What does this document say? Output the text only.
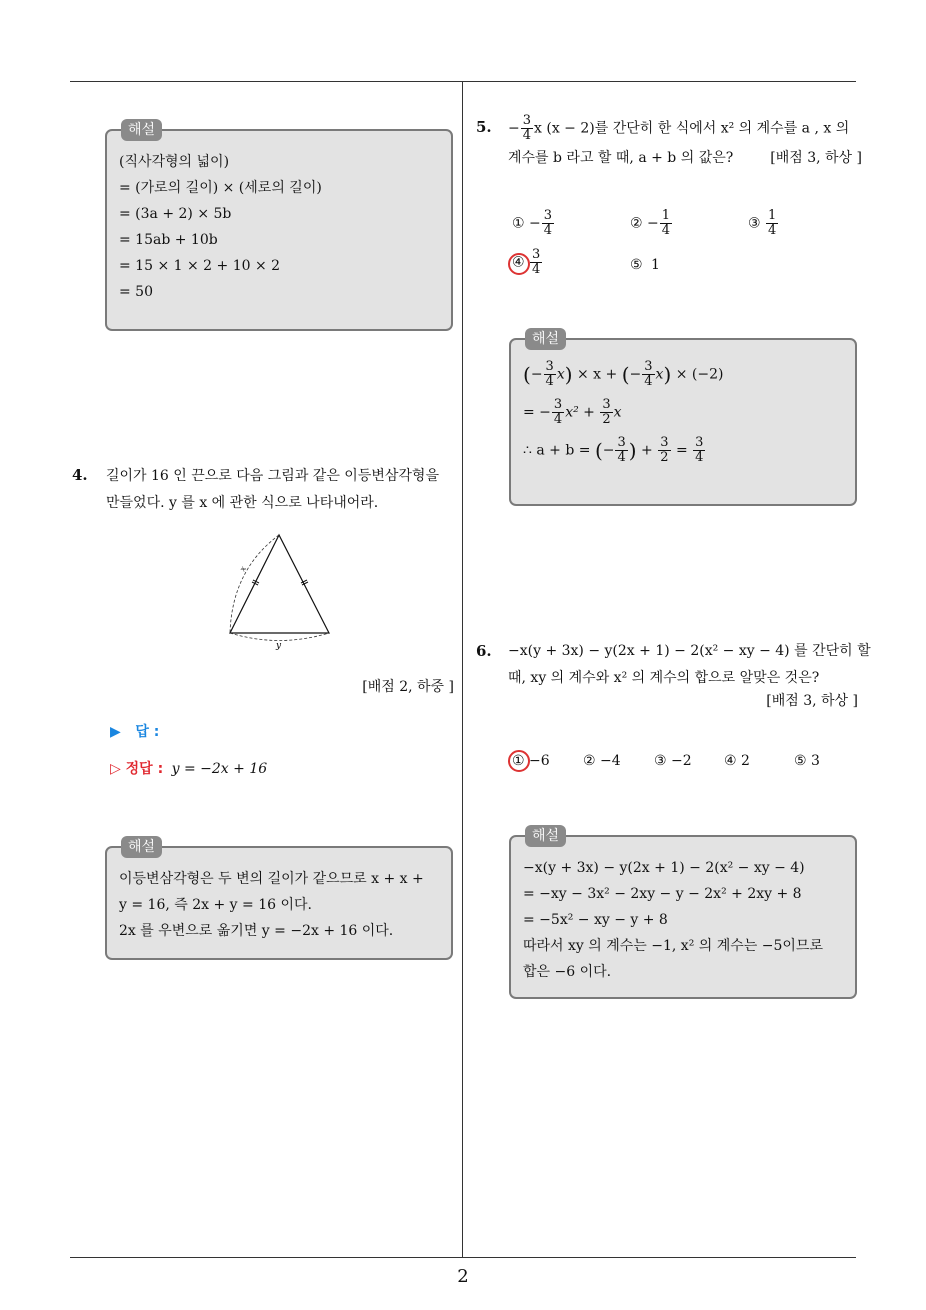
해설
(직사각형의 넓이)
= (가로의 길이) × (세로의 길이)
= (3a + 2) × 5b
= 15ab + 10b
= 15 × 1 × 2 + 10 × 2
= 50
4. 길이가 16 인 끈으로 다음 그림과 같은 이등변삼각형을
만들었다. y 를 x 에 관한 식으로 나타내어라.
x
y
[배점 2, 하중 ]
▶   답 :
▷ 정답 : y = −2x + 16
해설
이등변삼각형은 두 변의 길이가 같으므로 x + x +
y = 16, 즉 2x + y = 16 이다.
2x 를 우변으로 옮기면 y = −2x + 16 이다.
5. − $\frac{3}{4}$ x (x − 2)를 간단히 한 식에서 x² 의 계수를 a , x 의
계수를 b 라고 할 때, a + b 의 값은?	[배점 3, 하상 ]
① − $\frac{3}{4}$	② − $\frac{1}{4}$	③ $\frac{1}{4}$
④ $\frac{3}{4}$	⑤ 1
해설
(− $\frac{3}{4} x) \times x$ + (− $\frac{3}{4} x) \times (-2)$
= − $\frac{3}{4} x^2 + \frac{3}{2}$ x
∴ a + b = (− $\frac{3}{4}$ ) + $\frac{3}{2} = \frac{3}{4}$
6. −x(y + 3x) − y(2x + 1) − 2(x² − xy − 4) 를 간단히 할
때, xy 의 계수와 x² 의 계수의 합으로 알맞은 것은?
[배점 3, 하상 ]
① −6 ② −4 ③ −2 ④ 2	⑤ 3
해설
−x(y + 3x) − y(2x + 1) − 2(x² − xy − 4)
= −xy − 3x² − 2xy − y − 2x² + 2xy + 8
= −5x² − xy − y + 8
따라서 xy 의 계수는 −1, x² 의 계수는 −5이므로
합은 −6 이다.
2
